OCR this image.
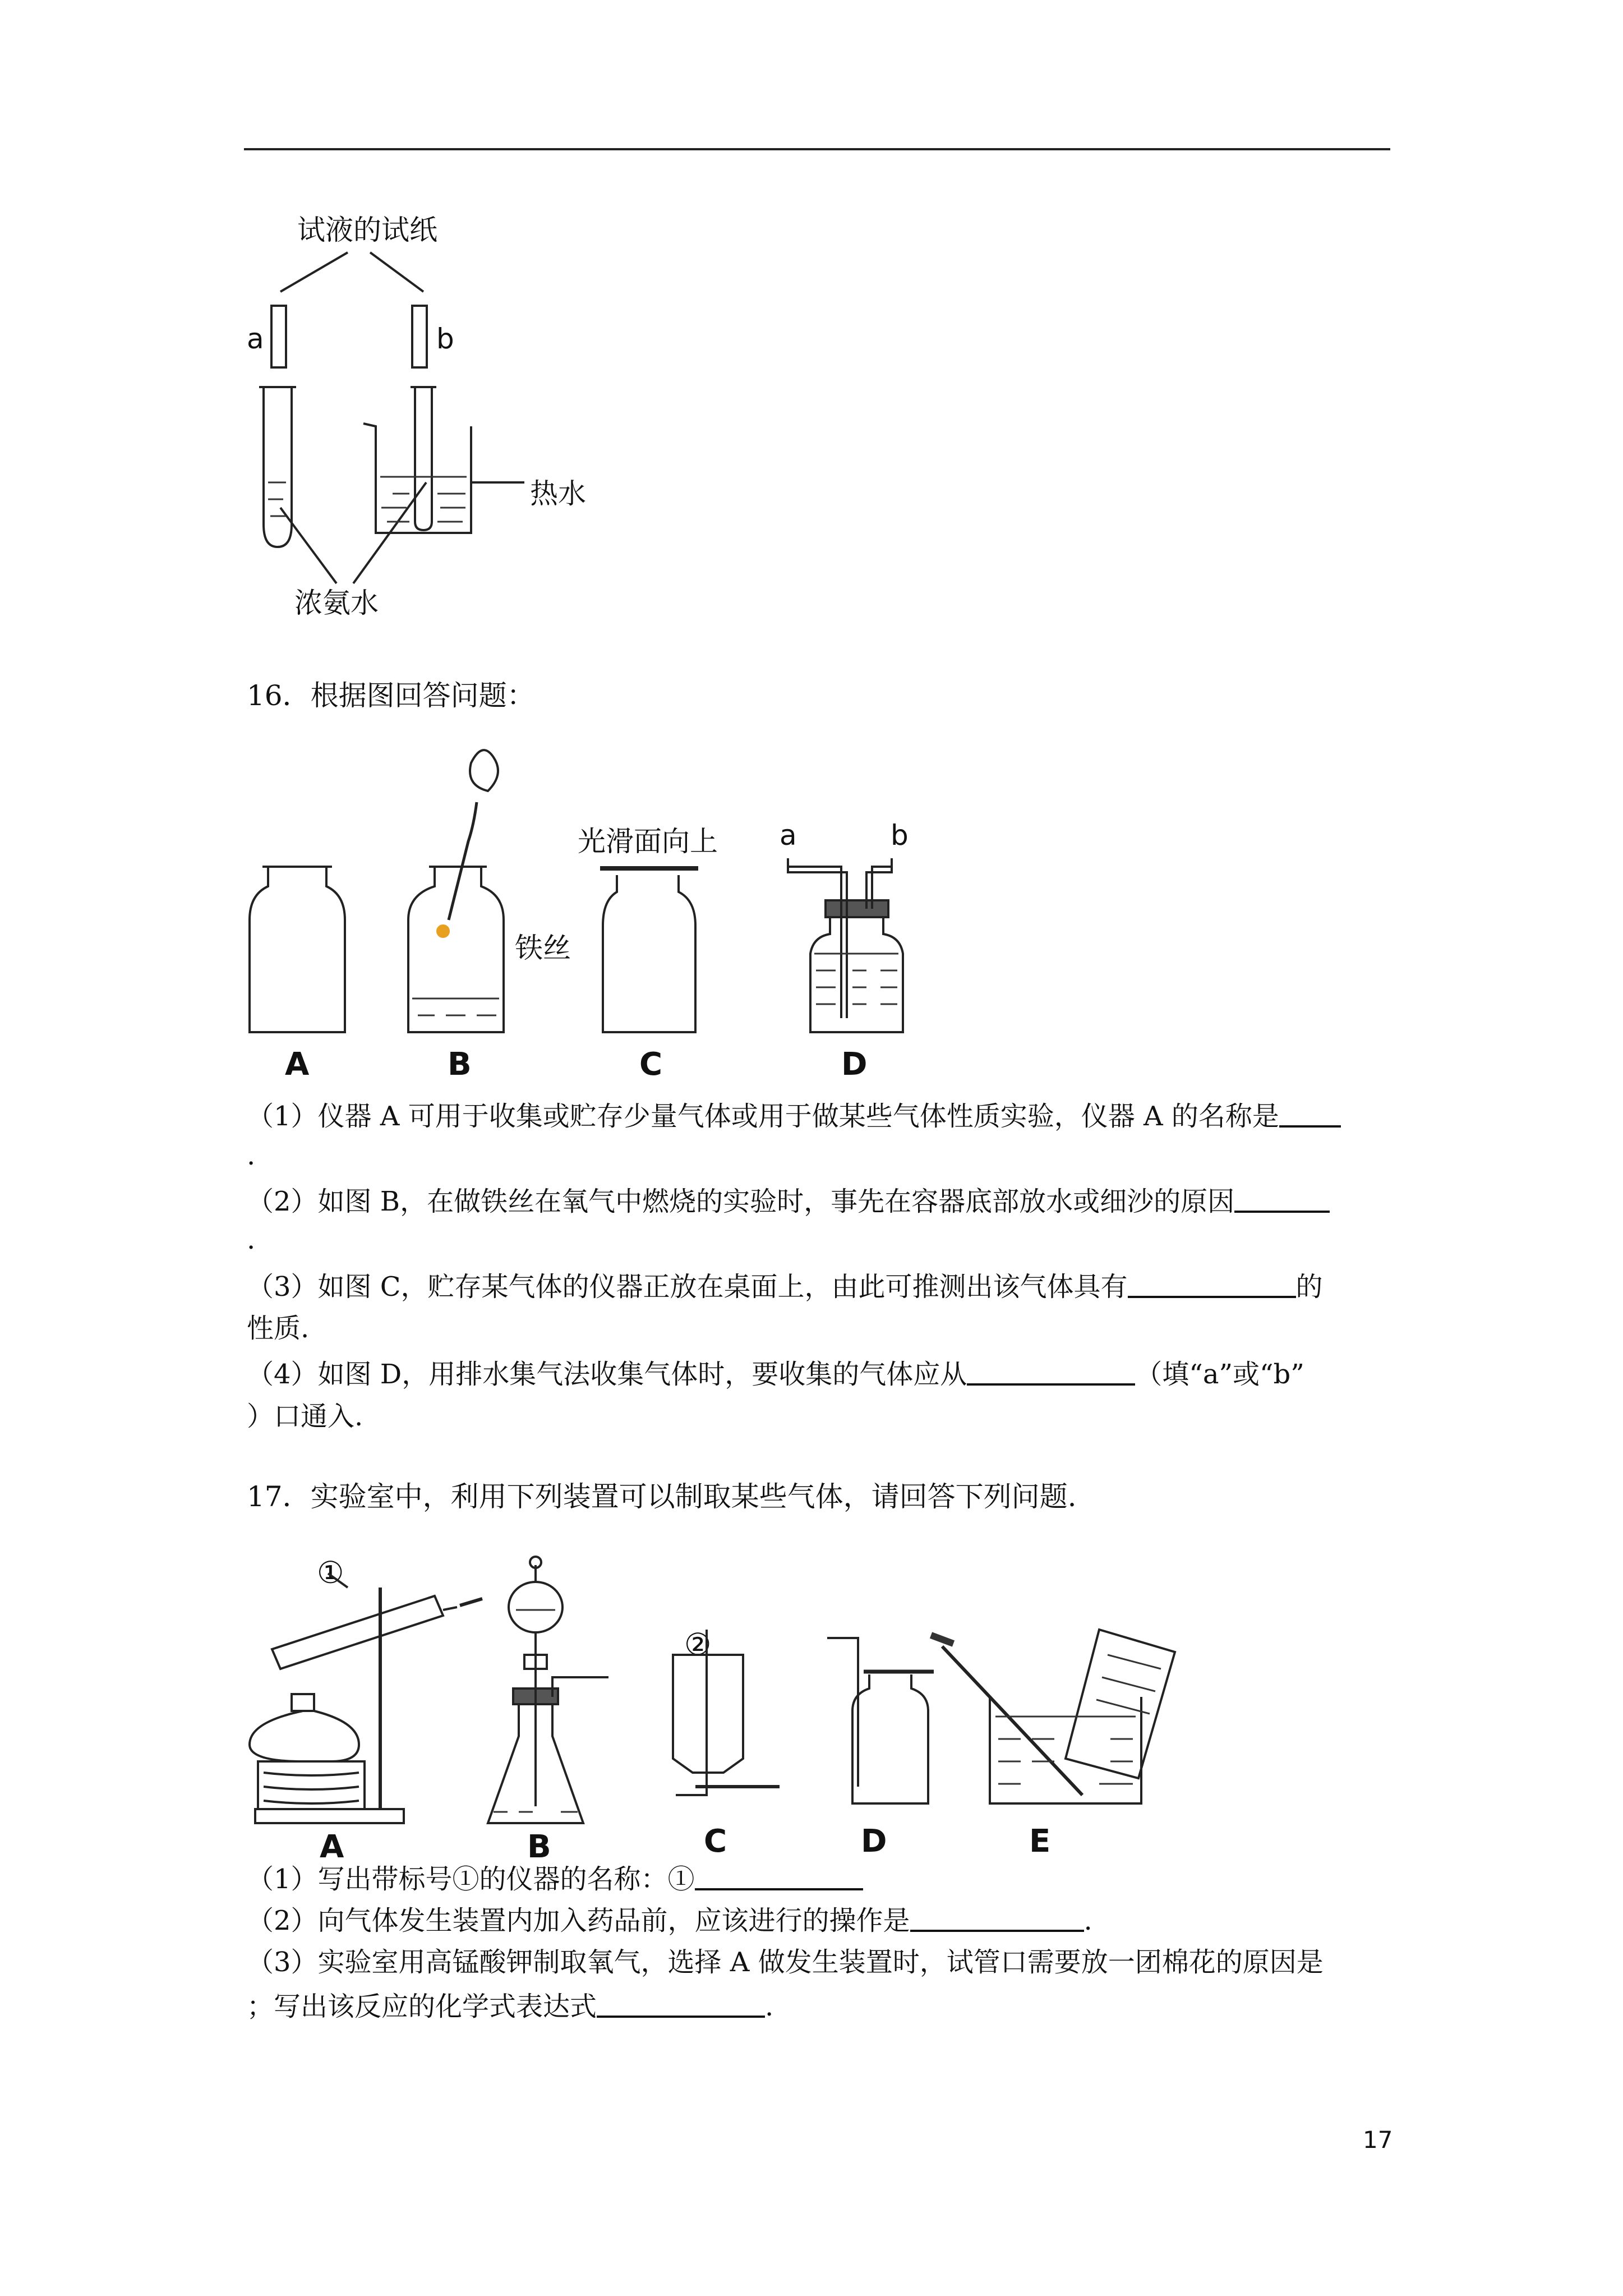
试液的试纸
a	b
热水
浓氨水
16．根据图回答问题：
铁丝
光滑面向上 a	b
A	B	C	D
（1）仪器 A 可用于收集或贮存少量气体或用于做某些气体性质实验，仪器 A 的名称是
.
（2）如图 B，在做铁丝在氧气中燃烧的实验时，事先在容器底部放水或细沙的原因
.
（3）如图 C，贮存某气体的仪器正放在桌面上，由此可推测出该气体具有	的
性质.
（4）如图 D，用排水集气法收集气体时，要收集的气体应从	（填“a”或“b”
）口通入.
17．实验室中，利用下列装置可以制取某些气体，请回答下列问题.
①
②
A	B	C	D	E
（1）写出带标号①的仪器的名称：①
（2）向气体发生装置内加入药品前，应该进行的操作是	.
（3）实验室用高锰酸钾制取氧气，选择 A 做发生装置时，试管口需要放一团棉花的原因是
；写出该反应的化学式表达式	.
17
